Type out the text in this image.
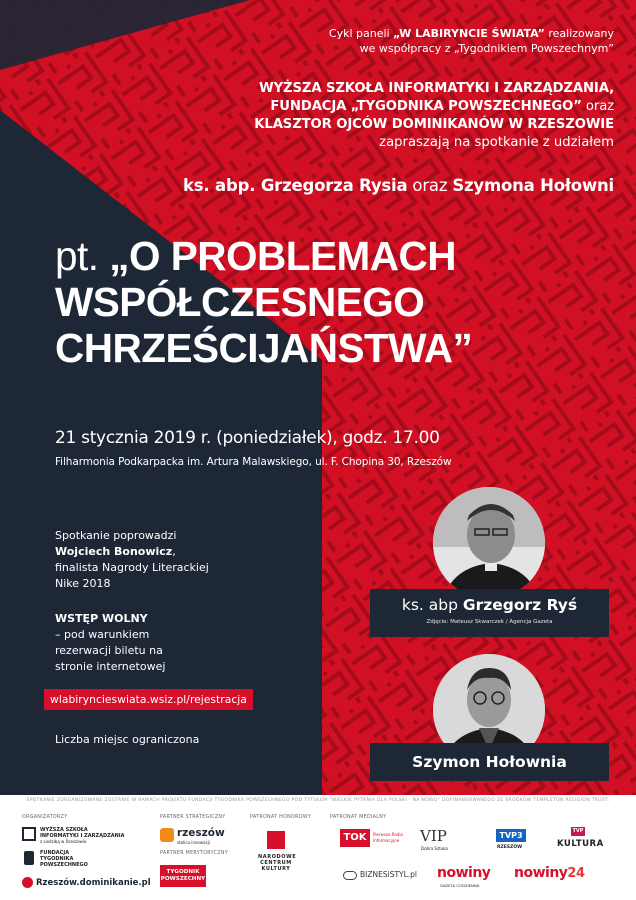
Cykl paneli „W LABIRYNCIE ŚWIATA” realizowany
we współpracy z „Tygodnikiem Powszechnym”
WYŻSZA SZKOŁA INFORMATYKI I ZARZĄDZANIA,
FUNDACJA „TYGODNIKA POWSZECHNEGO” oraz
KLASZTOR OJCÓW DOMINIKANÓW W RZESZOWIE
zapraszają na spotkanie z udziałem
ks. abp. Grzegorza Rysia oraz Szymona Hołowni
pt. „O PROBLEMACH
WSPÓŁCZESNEGO
CHRZEŚCIJAŃSTWA”
21 stycznia 2019 r. (poniedziałek), godz. 17.00
Filharmonia Podkarpacka im. Artura Malawskiego, ul. F. Chopina 30, Rzeszów
Spotkanie poprowadzi
Wojciech Bonowicz,
finalista Nagrody Literackiej
Nike 2018
WSTĘP WOLNY
– pod warunkiem
rezerwacji biletu na
stronie internetowej
wlabiryncieswiata.wsiz.pl/rejestracja
Liczba miejsc ograniczona
ks. abp Grzegorz Ryś
Zdjęcie: Mateusz Skwarczek / Agencja Gazeta
Szymon Hołownia
SPOTKANIE ZORGANIZOWANE ZOSTANIE W RAMACH PROJEKTU FUNDACJI TYGODNIKA POWSZECHNEGO POD TYTUŁEM "WIELKIE PYTANIA DLA POLSKI - NA NOWO" DOFINANSOWANEGO ZE ŚRODKÓW TEMPLETON RELIGION TRUST.
ORGANIZATORZY	PARTNER STRATEGICZNY
PARTNER MERYTORYCZNY
PATRONAT HONOROWY	PATRONAT MEDIALNY
WYŻSZA SZKOŁA
INFORMATYKI I ZARZĄDZANIA
z siedzibą w Rzeszowie
FUNDACJA
TYGODNIKA
POWSZECHNEGO
Rzeszów.dominikanie.pl
rzeszów
stolica innowacji
TYGODNIK
POWSZECHNY
NARODOWE
CENTRUM
KULTURY
TOK	Pierwsze Radio Informacyjne	VIP
Dobra Sztuka
TVP3
RZESZÓW
TVP
KULTURA
BIZNESiSTYL.pl nowiny
GAZETA CODZIENNA
nowiny24
